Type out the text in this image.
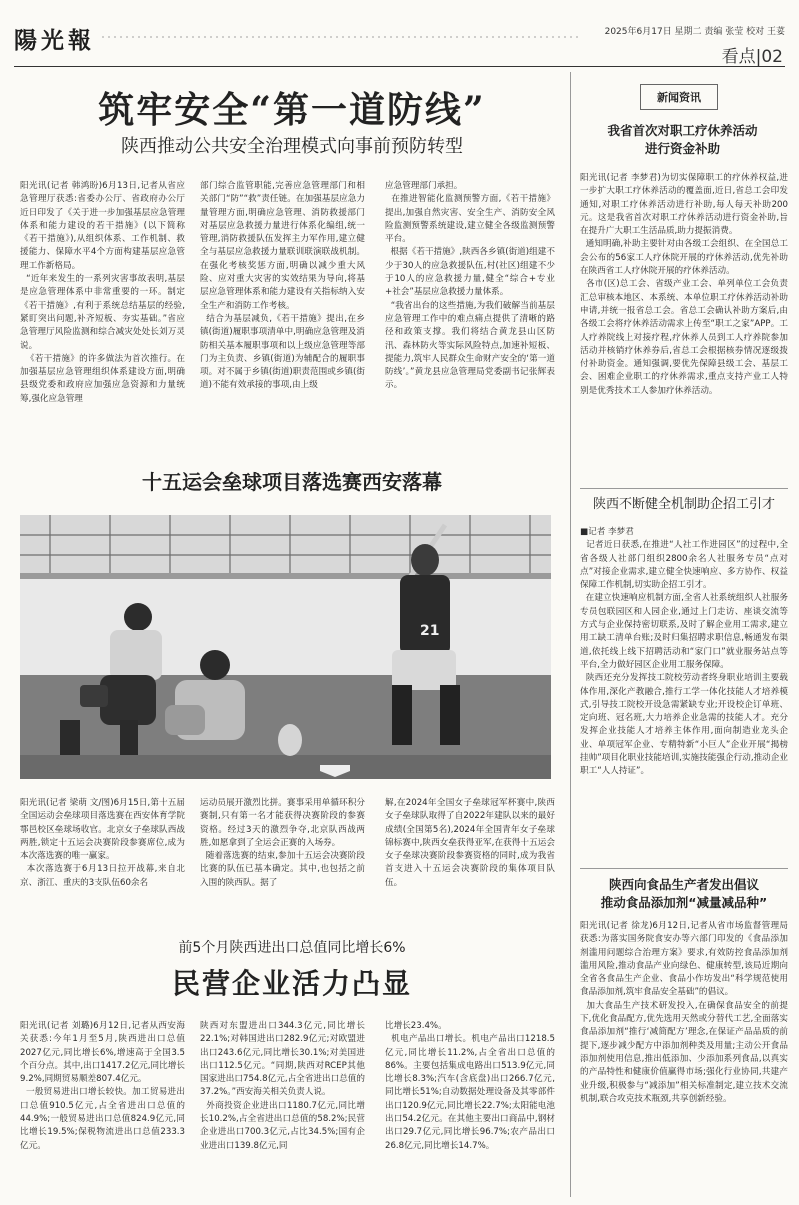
陽光報	2025年6月17日 星期二 责编 张莹 校对 王荽
看点|02
筑牢安全“第一道防线”
陕西推动公共安全治理模式向事前预防转型
阳光讯(记者 韩鸿盼)6月13日,记者从省应急管理厅获悉:省委办公厅、省政府办公厅近日印发了《关于进一步加强基层应急管理体系和能力建设的若干措施》(以下简称《若干措施》),从组织体系、工作机制、救援能力、保障水平4个方面构建基层应急管理工作新格局。
“近年来发生的一系列灾害事故表明,基层是应急管理体系中非常重要的一环。制定《若干措施》,有利于系统总结基层的经验,紧盯突出问题,补齐短板、夯实基础。”省应急管理厅风险监测和综合减灾处处长刘万灵说。
《若干措施》的许多做法为首次推行。在加强基层应急管理组织体系建设方面,明确县级党委和政府应加强应急资源和力量统筹,强化应急管理
部门综合监管职能,完善应急管理部门和相关部门“防”“救”责任链。在加强基层应急力量管理方面,明确应急管理、消防救援部门对基层应急救援力量进行体系化编组,统一管理,消防救援队伍发挥主力军作用,建立健全与基层应急救援力量联训联演联战机制。在强化考核奖惩方面,明确以减少重大风险、应对重大灾害的实效结果为导向,将基层应急管理体系和能力建设有关指标纳入安全生产和消防工作考核。
结合为基层减负,《若干措施》提出,在乡镇(街道)履职事项清单中,明确应急管理及消防相关基本履职事项和以上级应急管理等部门为主负责、乡镇(街道)为辅配合的履职事项。对不属于乡镇(街道)职责范围或乡镇(街道)不能有效承接的事项,由上级
应急管理部门承担。
在推进智能化监测预警方面,《若干措施》提出,加强自然灾害、安全生产、消防安全风险监测预警系统建设,建立健全各级监测预警平台。
根据《若干措施》,陕西各乡镇(街道)组建不少于30人的应急救援队伍,村(社区)组建不少于10人的应急救援力量,健全“综合+专业+社会”基层应急救援力量体系。
“我省出台的这些措施,为我们破解当前基层应急管理工作中的难点痛点提供了清晰的路径和政策支撑。我们将结合黄龙县山区防汛、森林防火等实际风险特点,加速补短板、提能力,筑牢人民群众生命财产安全的‘第一道防线’。”黄龙县应急管理局党委副书记张辉表示。
十五运会垒球项目落选赛西安落幕
21
阳光讯(记者 梁萌 文/图)6月15日,第十五届全国运动会垒球项目落选赛在西安体育学院鄠邑校区垒球场收官。北京女子垒球队西战两胜,锁定十五运会决赛阶段参赛席位,成为本次落选赛的唯一赢家。
本次落选赛于6月13日拉开战幕,来自北京、浙江、重庆的3支队伍60余名
运动员展开激烈比拼。赛事采用单循环积分赛制,只有第一名才能获得决赛阶段的参赛资格。经过3天的激烈争夺,北京队西战两胜,如愿拿到了全运会正赛的入场券。
随着落选赛的结束,参加十五运会决赛阶段比赛的队伍已基本确定。其中,也包括之前入围的陕西队。据了
解,在2024年全国女子垒球冠军杯赛中,陕西女子垒球队取得了自2022年建队以来的最好成绩(全国第5名),2024年全国青年女子垒球锦标赛中,陕西女垒获得亚军,在获得十五运会女子垒球决赛阶段参赛资格的同时,成为我省首支进入十五运会决赛阶段的集体项目队伍。
前5个月陕西进出口总值同比增长6%
民营企业活力凸显
阳光讯(记者 刘璐)6月12日,记者从西安海关获悉:今年1月至5月,陕西进出口总值2027亿元,同比增长6%,增速高于全国3.5个百分点。其中,出口1417.2亿元,同比增长9.2%,同期贸易顺差807.4亿元。
一般贸易进出口增长较快。加工贸易进出口总值910.5亿元,占全省进出口总值的44.9%;一般贸易进出口总值824.9亿元,同比增长19.5%;保税物流进出口总值233.3亿元。
陕西对东盟进出口344.3亿元,同比增长22.1%;对韩国进出口282.9亿元;对欧盟进出口243.6亿元,同比增长30.1%;对美国进出口112.5亿元。“同期,陕西对RCEP其他国家进出口754.8亿元,占全省进出口总值的37.2%。”西安海关相关负责人说。
外商投资企业进出口1180.7亿元,同比增长10.2%,占全省进出口总值的58.2%;民营企业进出口700.3亿元,占比34.5%;国有企业进出口139.8亿元,同
比增长23.4%。
机电产品出口增长。机电产品出口1218.5亿元,同比增长11.2%,占全省出口总值的86%。主要包括集成电路出口513.9亿元,同比增长8.3%;汽车(含底盘)出口266.7亿元,同比增长51%;自动数据处理设备及其零部件出口120.9亿元,同比增长22.7%;太阳能电池出口54.2亿元。在其他主要出口商品中,钢材出口29.7亿元,同比增长96.7%;农产品出口26.8亿元,同比增长14.7%。
新闻资讯
我省首次对职工疗休养活动
进行资金补助
阳光讯(记者 李梦君)为切实保障职工的疗休养权益,进一步扩大职工疗休养活动的覆盖面,近日,省总工会印发通知,对职工疗休养活动进行补助,每人每天补助200元。这是我省首次对职工疗休养活动进行资金补助,旨在提升广大职工生活品质,助力提振消费。
通知明确,补助主要针对由各级工会组织、在全国总工会公布的56家工人疗休院开展的疗休养活动,优先补助在陕西省工人疗休院开展的疗休养活动。
各市(区)总工会、省级产业工会、单列单位工会负责汇总审核本地区、本系统、本单位职工疗休养活动补助申请,并统一报省总工会。省总工会确认补助方案后,由各级工会将疗休养活动需求上传至“职工之家”APP。工人疗养院线上对接疗程,疗休养人员到工人疗养院参加活动并核销疗休养券后,省总工会根据核券情况逐级拨付补助资金。通知强调,要优先保障县级工会、基层工会、困难企业职工的疗休养需求,重点支持产业工人特别是优秀技术工人参加疗休养活动。
陕西不断健全机制助企招工引才
■记者 李梦君
记者近日获悉,在推进“人社工作进园区”的过程中,全省各级人社部门组织2800余名人社服务专员“点对点”对接企业需求,建立健全快速响应、多方协作、权益保障工作机制,切实助企招工引才。
在建立快速响应机制方面,全省人社系统组织人社服务专员包联园区和人园企业,通过上门走访、座谈交流等方式与企业保持密切联系,及时了解企业用工需求,建立用工缺工清单台账;及时归集招聘求职信息,畅通发布渠道,依托线上线下招聘活动和“家门口”就业服务站点等平台,全力做好园区企业用工服务保障。
陕西还充分发挥技工院校劳动者终身职业培训主要载体作用,深化产教融合,推行工学一体化技能人才培养模式,引导技工院校开设急需紧缺专业;开设校企订单班、定向班、冠名班,大力培养企业急需的技能人才。充分发挥企业技能人才培养主体作用,面向制造业龙头企业、单项冠军企业、专精特新“小巨人”企业开展“揭榜挂帅”项目化职业技能培训,实施技能强企行动,推动企业职工“人人持证”。
陕西向食品生产者发出倡议
推动食品添加剂“减量减品种”
阳光讯(记者 徐龙)6月12日,记者从省市场监督管理局获悉:为落实国务院食安办等六部门印发的《食品添加剂滥用问题综合治理方案》要求,有效防控食品添加剂滥用风险,推动食品产业向绿色、健康转型,该局近期向全省各食品生产企业、食品小作坊发出“科学规范使用食品添加剂,筑牢食品安全基础”的倡议。
加大食品生产技术研发投入,在确保食品安全的前提下,优化食品配方,优先选用天然或分替代工艺,全面落实食品添加剂“推行‘减简配方’理念,在保证产品品质的前提下,逐步减少配方中添加剂种类及用量;主动公开食品添加剂使用信息,推出低添加、少添加系列食品,以真实的产品特性和健康价值赢得市场;强化行业协同,共建产业升级,积极参与“减添加”相关标准制定,建立技术交流机制,联合攻克技术瓶颈,共享创新经验。
